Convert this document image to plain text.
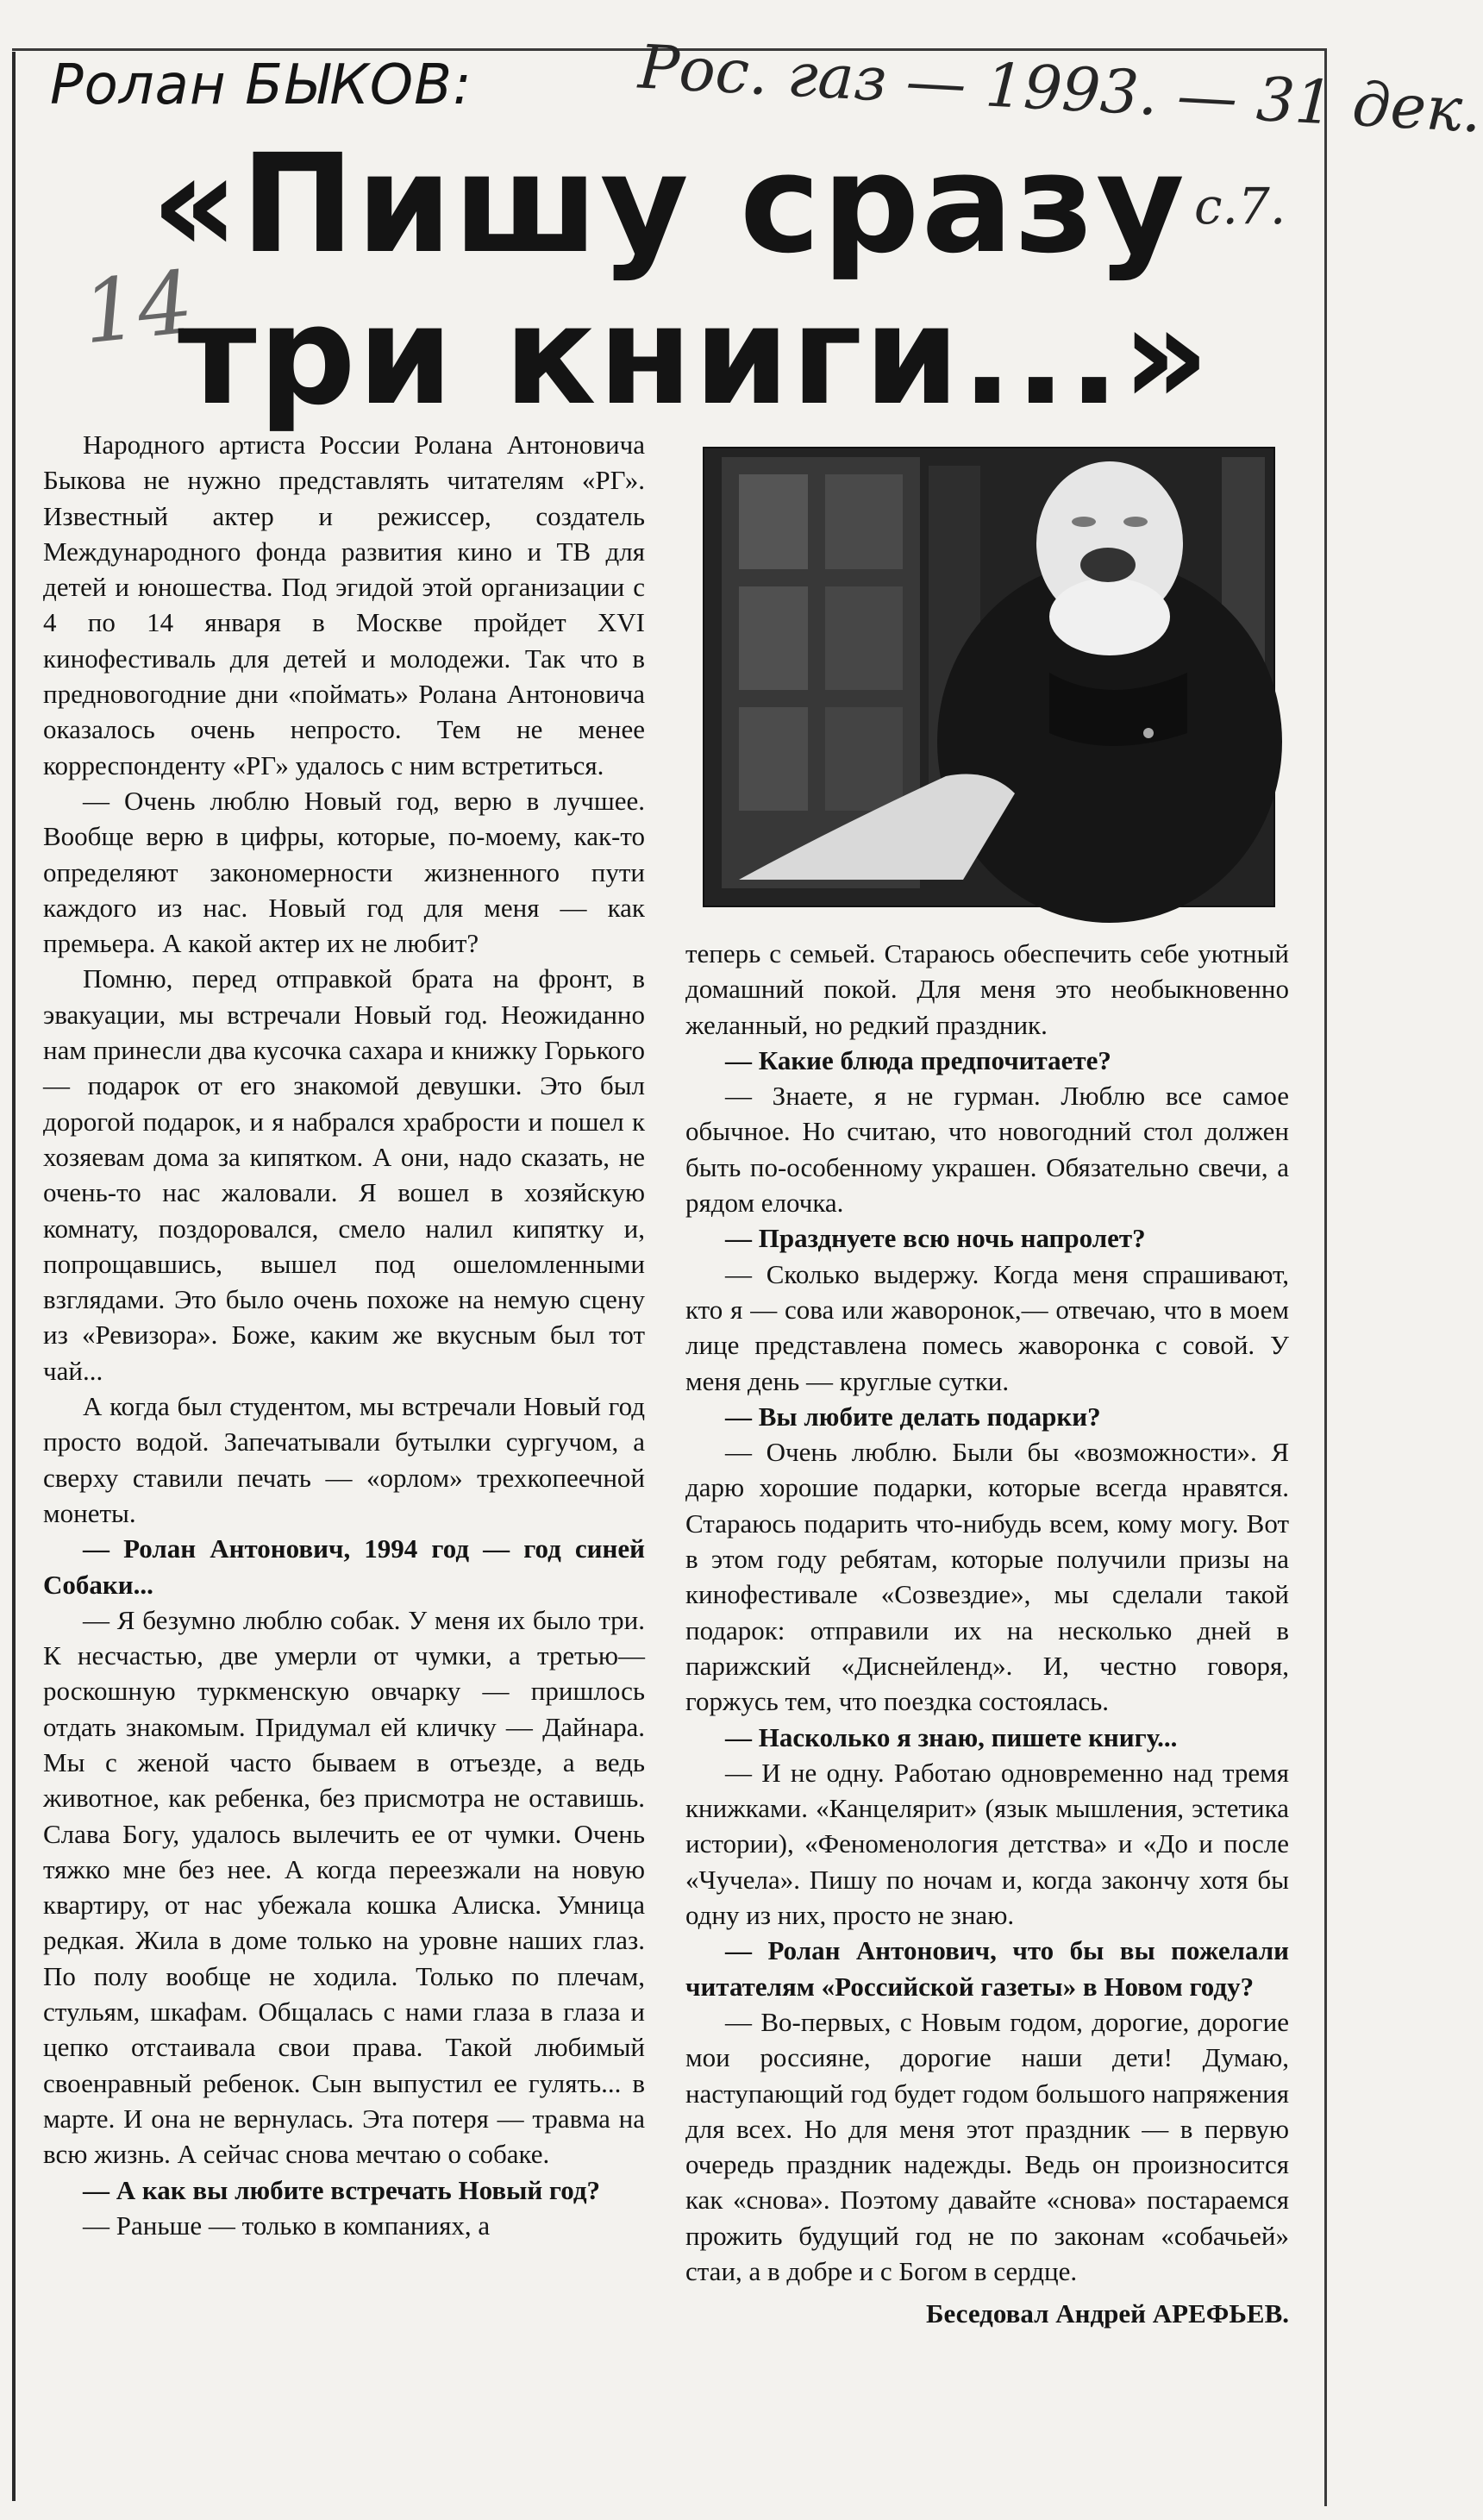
Ролан БЫКОВ:	Рос. газ — 1993. — 31 дек.

с.7.

14

«Пишу сразу
три книги...»

Народного артиста России Ролана Антоновича Быкова не нужно представлять читателям «РГ». Известный актер и режиссер, создатель Международного фонда развития кино и ТВ для детей и юношества. Под эгидой этой организации с 4 по 14 января в Москве пройдет XVI кинофестиваль для детей и молодежи. Так что в предновогодние дни «поймать» Ролана Антоновича оказалось очень непросто. Тем не менее корреспонденту «РГ» удалось с ним встретиться.

— Очень люблю Новый год, верю в лучшее. Вообще верю в цифры, которые, по-моему, как-то определяют закономерности жизненного пути каждого из нас. Новый год для меня — как премьера. А какой актер их не любит?

Помню, перед отправкой брата на фронт, в эвакуации, мы встречали Новый год. Неожиданно нам принесли два кусочка сахара и книжку Горького — подарок от его знакомой девушки. Это был дорогой подарок, и я набрался храбрости и пошел к хозяевам дома за кипятком. А они, надо сказать, не очень-то нас жаловали. Я вошел в хозяйскую комнату, поздоровался, смело налил кипятку и, попрощавшись, вышел под ошеломленными взглядами. Это было очень похоже на немую сцену из «Ревизора». Боже, каким же вкусным был тот чай...

А когда был студентом, мы встречали Новый год просто водой. Запечатывали бутылки сургучом, а сверху ставили печать — «орлом» трехкопеечной монеты.

— Ролан Антонович, 1994 год — год синей Собаки...

— Я безумно люблю собак. У меня их было три. К несчастью, две умерли от чумки, а третью—роскошную туркменскую овчарку — пришлось отдать знакомым. Придумал ей кличку — Дайнара. Мы с женой часто бываем в отъезде, а ведь животное, как ребенка, без присмотра не оставишь. Слава Богу, удалось вылечить ее от чумки. Очень тяжко мне без нее. А когда переезжали на новую квартиру, от нас убежала кошка Алиска. Умница редкая. Жила в доме только на уровне наших глаз. По полу вообще не ходила. Только по плечам, стульям, шкафам. Общалась с нами глаза в глаза и цепко отстаивала свои права. Такой любимый своенравный ребенок. Сын выпустил ее гулять... в марте. И она не вернулась. Эта потеря — травма на всю жизнь. А сейчас снова мечтаю о собаке.

— А как вы любите встречать Новый год?

— Раньше — только в компаниях, а

теперь с семьей. Стараюсь обеспечить себе уютный домашний покой. Для меня это необыкновенно желанный, но редкий праздник.

— Какие блюда предпочитаете?

— Знаете, я не гурман. Люблю все самое обычное. Но считаю, что новогодний стол должен быть по-особенному украшен. Обязательно свечи, а рядом елочка.

— Празднуете всю ночь напролет?

— Сколько выдержу. Когда меня спрашивают, кто я — сова или жаворонок,— отвечаю, что в моем лице представлена помесь жаворонка с совой. У меня день — круглые сутки.

— Вы любите делать подарки?

— Очень люблю. Были бы «возможности». Я дарю хорошие подарки, которые всегда нравятся. Стараюсь подарить что-нибудь всем, кому могу. Вот в этом году ребятам, которые получили призы на кинофестивале «Созвездие», мы сделали такой подарок: отправили их на несколько дней в парижский «Диснейленд». И, честно говоря, горжусь тем, что поездка состоялась.

— Насколько я знаю, пишете книгу...

— И не одну. Работаю одновременно над тремя книжками. «Канцелярит» (язык мышления, эстетика истории), «Феноменология детства» и «До и после «Чучела». Пишу по ночам и, когда закончу хотя бы одну из них, просто не знаю.

— Ролан Антонович, что бы вы пожелали читателям «Российской газеты» в Новом году?

— Во-первых, с Новым годом, дорогие, дорогие мои россияне, дорогие наши дети! Думаю, наступающий год будет годом большого напряжения для всех. Но для меня этот праздник — в первую очередь праздник надежды. Ведь он произносится как «снова». Поэтому давайте «снова» постараемся прожить будущий год не по законам «собачьей» стаи, а в добре и с Богом в сердце.

Беседовал Андрей АРЕФЬЕВ.
